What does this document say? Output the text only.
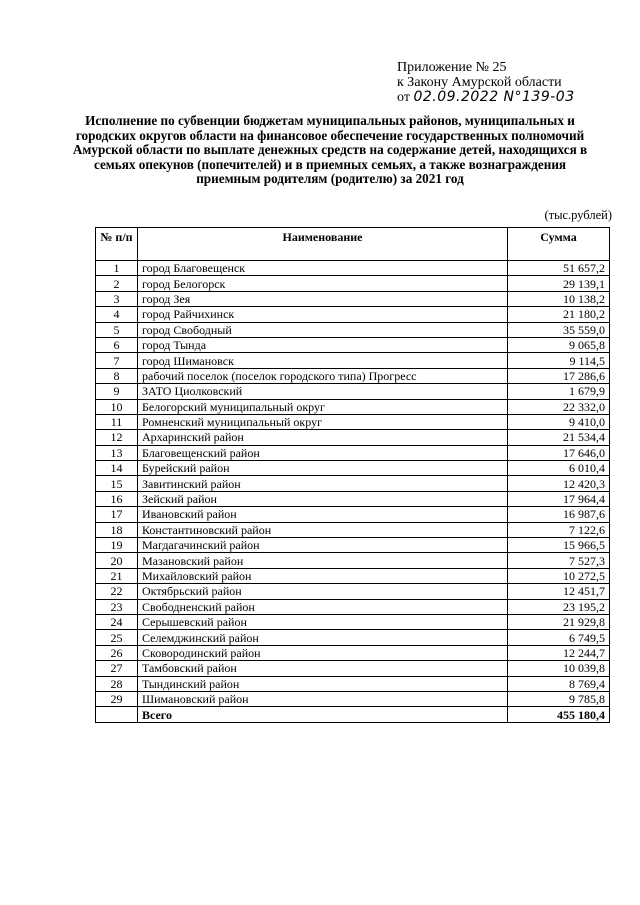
Приложение № 25
к Закону Амурской области
от 02.09.2022 N°139-03
Исполнение по субвенции бюджетам муниципальных районов, муниципальных и городских округов области на финансовое обеспечение государственных полномочий Амурской области по выплате денежных средств на содержание детей, находящихся в семьях опекунов (попечителей) и в приемных семьях, а также вознаграждения приемным родителям (родителю) за 2021 год
(тыс.рублей)
№ п/п	Наименование	Сумма
1	город Благовещенск	51 657,2
2	город Белогорск	29 139,1
3	город Зея	10 138,2
4	город Райчихинск	21 180,2
5	город Свободный	35 559,0
6	город Тында	9 065,8
7	город Шимановск	9 114,5
8	рабочий поселок (поселок городского типа) Прогресс	17 286,6
9	ЗАТО Циолковский	1 679,9
10	Белогорский муниципальный округ	22 332,0
11	Ромненский муниципальный округ	9 410,0
12	Архаринский район	21 534,4
13	Благовещенский район	17 646,0
14	Бурейский район	6 010,4
15	Завитинский район	12 420,3
16	Зейский район	17 964,4
17	Ивановский район	16 987,6
18	Константиновский район	7 122,6
19	Магдагачинский район	15 966,5
20	Мазановский район	7 527,3
21	Михайловский район	10 272,5
22	Октябрьский район	12 451,7
23	Свободненский район	23 195,2
24	Серышевский район	21 929,8
25	Селемджинский район	6 749,5
26	Сковородинский район	12 244,7
27	Тамбовский район	10 039,8
28	Тындинский район	8 769,4
29	Шимановский район	9 785,8
	Всего	455 180,4
